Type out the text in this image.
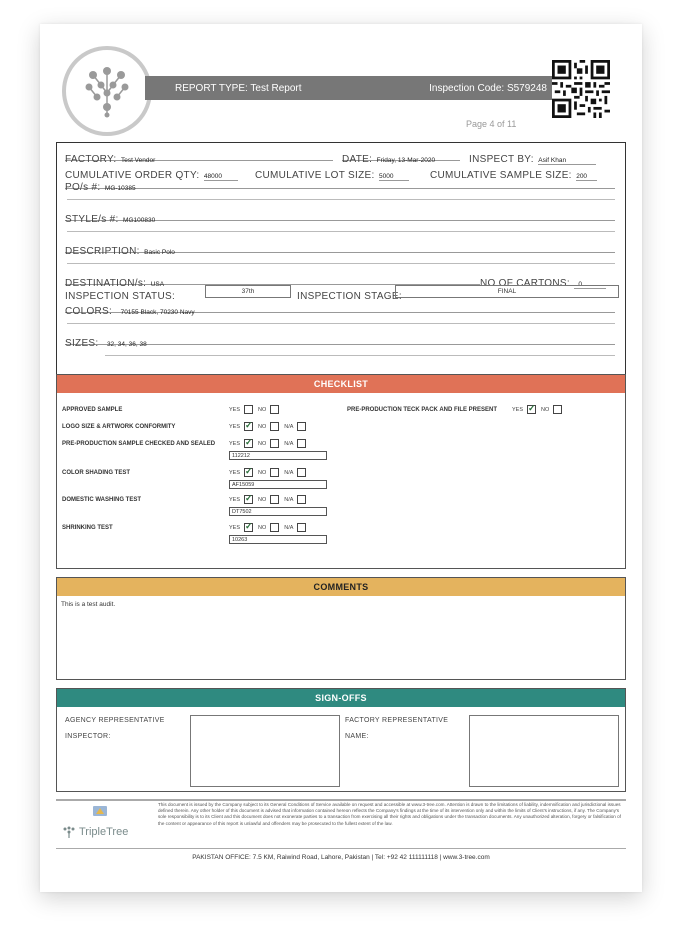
REPORT TYPE: Test Report	Inspection Code: S579248
Page 4 of 11
FACTORY: Test Vendor	DATE: Friday, 13-Mar-2020	INSPECT BY: Asif Khan
CUMULATIVE ORDER QTY: 48000	CUMULATIVE LOT SIZE: 5000	CUMULATIVE SAMPLE SIZE: 200
PO/s #: MG-10385
STYLE/s #: MG100830
DESCRIPTION: Basic Polo
DESTINATION/s: USA	NO OF CARTONS: 0
INSPECTION STATUS:	37th	INSPECTION STAGE:	FINAL
COLORS: 70155 Black, 70230 Navy
SIZES: 32, 34, 36, 38
CHECKLIST
APPROVED SAMPLE	YES	NO
LOGO SIZE & ARTWORK CONFORMITY	YES ✓	NO	N/A
PRE-PRODUCTION SAMPLE CHECKED AND SEALED	YES ✓	NO	N/A
112212
COLOR SHADING TEST	YES ✓	NO	N/A
AF15059
DOMESTIC WASHING TEST	YES ✓	NO	N/A
DT7502
SHRINKING TEST	YES ✓	NO	N/A
10263
PRE-PRODUCTION TECK PACK AND FILE PRESENT	YES ✓	NO
COMMENTS
This is a test audit.
SIGN-OFFS
AGENCY REPRESENTATIVE
INSPECTOR:
FACTORY REPRESENTATIVE
NAME:
TripleTree
This document is issued by the Company subject to its General Conditions of Service available on request and accessible at www.3-tree.com. Attention is drawn to the limitations of liability, indemnification and jurisdictional issues defined therein. Any other holder of this document is advised that information contained hereon reflects the Company's findings at the time of its intervention only and within the limits of Client's instructions, if any. The Company's sole responsibility is to its Client and this document does not exonerate parties to a transaction from exercising all their rights and obligations under the transaction documents. Any unauthorized alteration, forgery or falsification of the content or appearance of this report is unlawful and offenders may be prosecuted to the fullest extent of the law.
PAKISTAN OFFICE: 7.5 KM, Raiwind Road, Lahore, Pakistan | Tel: +92 42 111111118 | www.3-tree.com
